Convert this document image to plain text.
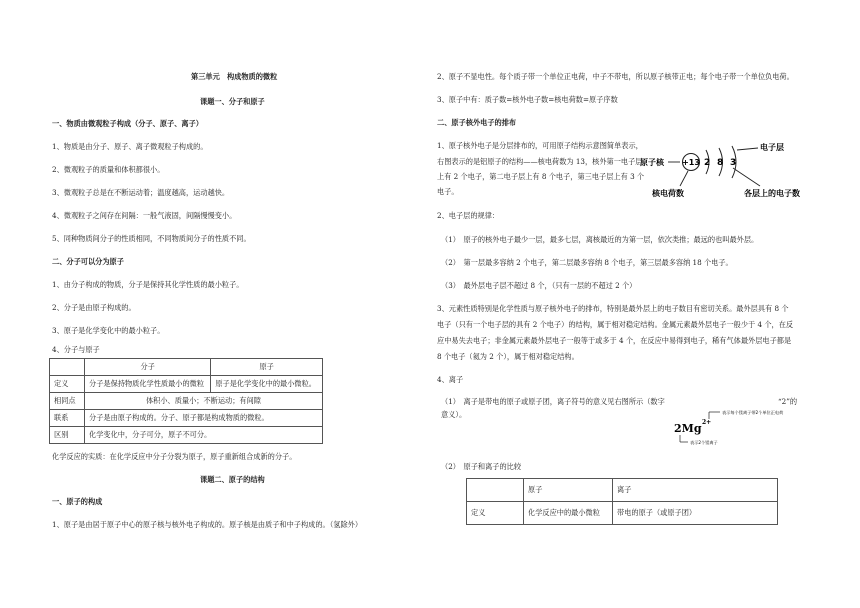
第三单元　构成物质的微粒
课题一、分子和原子
一、物质由微观粒子构成（分子、原子、离子）
1、物质是由分子、原子、离子微观粒子构成的。
2、微观粒子的质量和体积都很小。
3、微观粒子总是在不断运动着；温度越高，运动越快。
4、微观粒子之间存在间隔：一般气液固，间隔慢慢变小。
5、同种物质间分子的性质相同，不同物质间分子的性质不同。
二、分子可以分为原子
1、由分子构成的物质，分子是保持其化学性质的最小粒子。
2、分子是由原子构成的。
3、原子是化学变化中的最小粒子。
4、分子与原子
	分子	原子
定义	分子是保持物质化学性质最小的微粒	原子是化学变化中的最小微粒。
相同点	体积小、质量小；不断运动；有间隙	
联系	分子是由原子构成的。分子、原子都是构成物质的微粒。	
区别	化学变化中，分子可分，原子不可分。	
化学反应的实质：在化学反应中分子分裂为原子，原子重新组合成新的分子。
课题二、原子的结构
一、原子的构成
1、原子是由居于原子中心的原子核与核外电子构成的。原子核是由质子和中子构成的。（氢除外）
2、原子不显电性。每个质子带一个单位正电荷，中子不带电，所以原子核带正电；每个电子带一个单位负电荷。
3、原子中有：质子数=核外电子数=核电荷数=原子序数
二、原子核外电子的排布
1、原子核外电子是分层排布的，可用原子结构示意图简单表示，
右图表示的是铝原子的结构——核电荷数为 13，核外第一电子层
上有 2 个电子，第二电子层上有 8 个电子，第三电子层上有 3 个
电子。
+13 2 8 3
原子核
核电荷数
电子层
各层上的电子数
2、电子层的规律：
（1）　原子的核外电子最少一层，最多七层，离核最近的为第一层，依次类推；最远的也叫最外层。
（2）　第一层最多容纳 2 个电子，第二层最多容纳 8 个电子，第三层最多容纳 18 个电子。
（3）　最外层电子层不超过 8 个，（只有一层的不超过 2 个）
3、元素性质特别是化学性质与原子核外电子的排布，特别是最外层上的电子数目有密切关系。最外层具有 8 个
电子（只有一个电子层的具有 2 个电子）的结构，属于相对稳定结构。金属元素最外层电子一般少于 4 个，在反
应中易失去电子；非金属元素最外层电子一般等于或多于 4 个，在反应中易得到电子，稀有气体最外层电子都是
8 个电子（氦为 2 个），属于相对稳定结构。
4、离子
（1）　离子是带电的原子或原子团，离子符号的意义见右图所示（数字	“2”的
意义）。
2Mg 2+
表示每个镁离子带2个单位正电荷
表示2个镁离子
（2）　原子和离子的比较
	原子	离子
定义	化学反应中的最小微粒	带电的原子（或原子团）
